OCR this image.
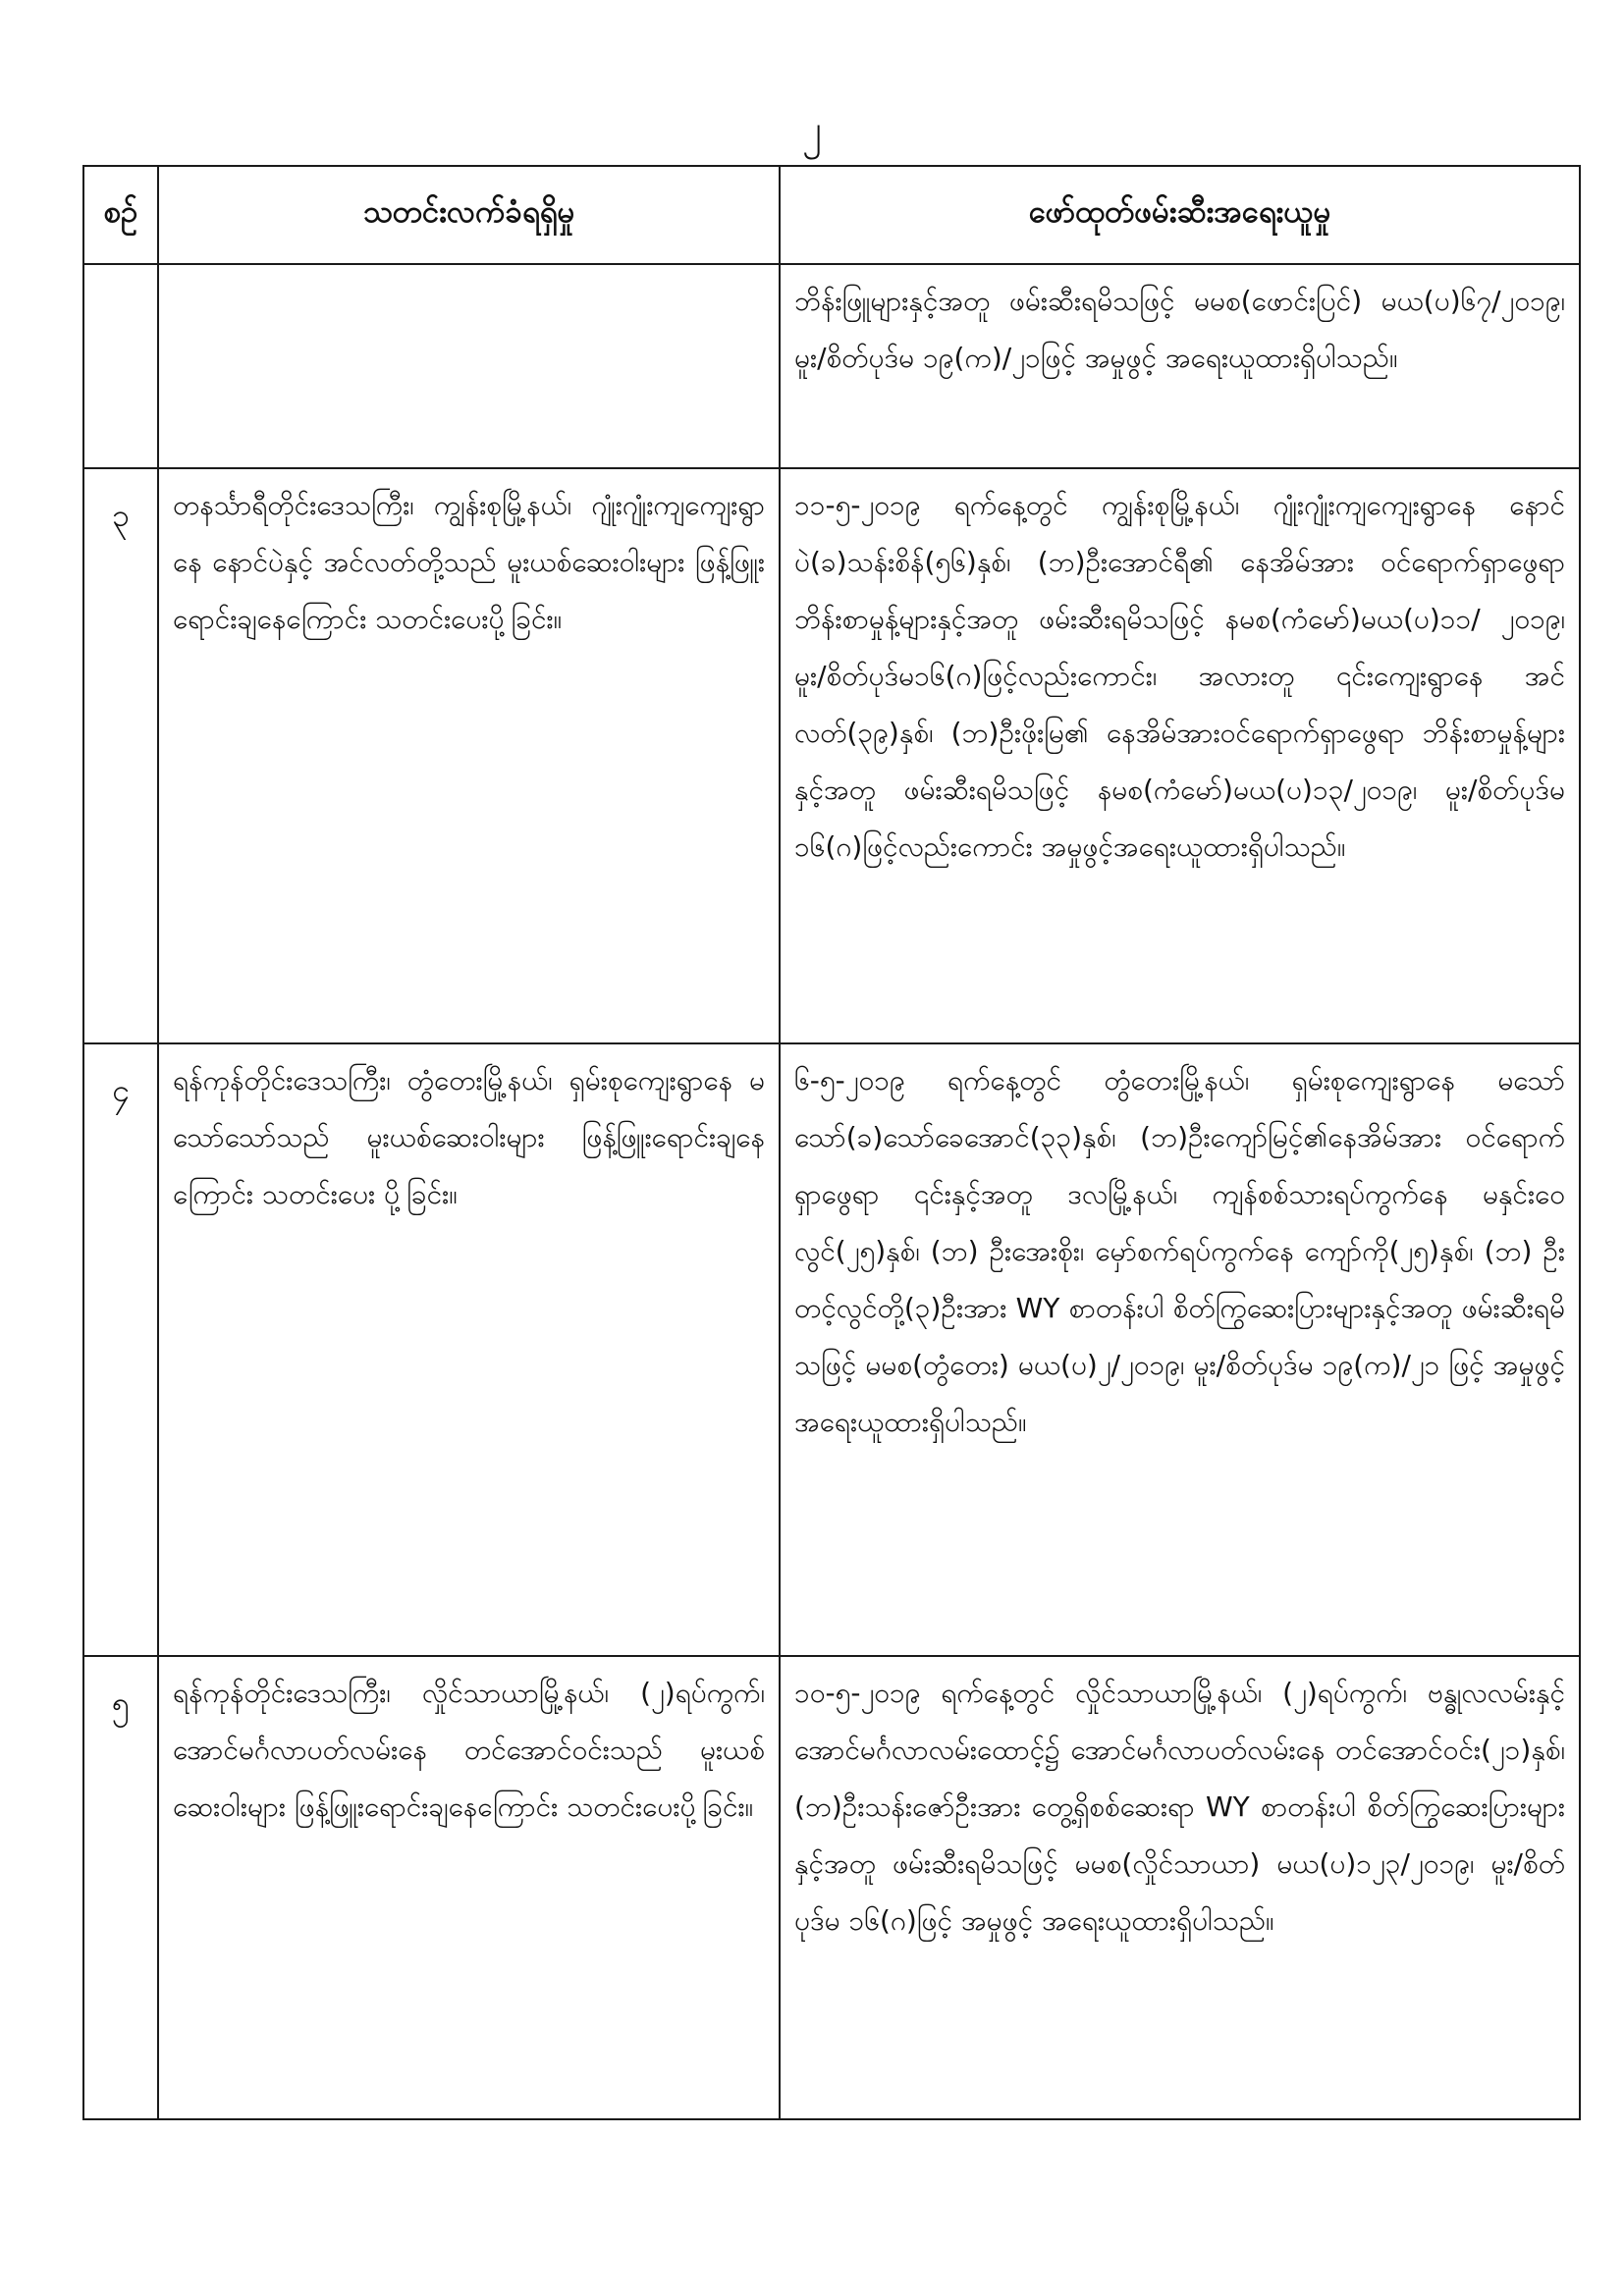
၂
စဉ်	သတင်းလက်ခံရရှိမှု	ဖော်ထုတ်ဖမ်းဆီးအရေးယူမှု
		ဘိန်းဖြူများနှင့်အတူ ဖမ်းဆီးရမိသဖြင့် မမစ(ဖောင်းပြင်) မယ(ပ)၆၇/၂၀၁၉၊ မူး/စိတ်ပုဒ်မ ၁၉(က)/၂၁ဖြင့် အမှုဖွင့် အရေးယူထားရှိပါသည်။
၃	တနင်္သာရီတိုင်းဒေသကြီး၊ ကျွန်းစုမြို့နယ်၊ ဂျုံးဂျုံးကျကျေးရွာနေ နောင်ပဲနှင့် အင်လတ်တို့သည် မူးယစ်ဆေးဝါးများ ဖြန့်ဖြူးရောင်းချနေကြောင်း သတင်းပေးပို့ခြင်း။	၁၁-၅-၂၀၁၉ ရက်နေ့တွင် ကျွန်းစုမြို့နယ်၊ ဂျုံးဂျုံးကျကျေးရွာနေ နောင်ပဲ(ခ)သန်းစိန်(၅၆)နှစ်၊ (ဘ)ဦးအောင်ရီ၏ နေအိမ်အား ဝင်ရောက်ရှာဖွေရာ ဘိန်းစာမှုန့်များနှင့်အတူ ဖမ်းဆီးရမိသဖြင့် နမစ(ကံမော်)မယ(ပ)၁၁/ ၂၀၁၉၊ မူး/စိတ်ပုဒ်မ၁၆(ဂ)ဖြင့်လည်းကောင်း၊ အလားတူ ၎င်းကျေးရွာနေ အင်လတ်(၃၉)နှစ်၊ (ဘ)ဦးဖိုးမြ၏ နေအိမ်အားဝင်ရောက်ရှာဖွေရာ ဘိန်းစာမှုန့်များနှင့်အတူ ဖမ်းဆီးရမိသဖြင့် နမစ(ကံမော်)မယ(ပ)၁၃/၂၀၁၉၊ မူး/စိတ်ပုဒ်မ ၁၆(ဂ)ဖြင့်လည်းကောင်း အမှုဖွင့်အရေးယူထားရှိပါသည်။
၄	ရန်ကုန်တိုင်းဒေသကြီး၊ တွံတေးမြို့နယ်၊ ရှမ်းစုကျေးရွာနေ မသော်သော်သည် မူးယစ်ဆေးဝါးများ ဖြန့်ဖြူးရောင်းချနေကြောင်း သတင်းပေး ပို့ခြင်း။	၆-၅-၂၀၁၉ ရက်နေ့တွင် တွံတေးမြို့နယ်၊ ရှမ်းစုကျေးရွာနေ မသော်သော်(ခ)သော်ခေအောင်(၃၃)နှစ်၊ (ဘ)ဦးကျော်မြင့်၏နေအိမ်အား ဝင်ရောက်ရှာဖွေရာ ၎င်းနှင့်အတူ ဒလမြို့နယ်၊ ကျန်စစ်သားရပ်ကွက်နေ မနှင်းဝေလွင်(၂၅)နှစ်၊ (ဘ) ဦးအေးစိုး၊ မှော်စက်ရပ်ကွက်နေ ကျော်ကို(၂၅)နှစ်၊ (ဘ) ဦးတင့်လွင်တို့(၃)ဦးအား WY စာတန်းပါ စိတ်ကြွဆေးပြားများနှင့်အတူ ဖမ်းဆီးရမိသဖြင့် မမစ(တွံတေး) မယ(ပ)၂/၂၀၁၉၊ မူး/စိတ်ပုဒ်မ ၁၉(က)/၂၁ ဖြင့် အမှုဖွင့် အရေးယူထားရှိပါသည်။
၅	ရန်ကုန်တိုင်းဒေသကြီး၊ လှိုင်သာယာမြို့နယ်၊ (၂)ရပ်ကွက်၊ အောင်မင်္ဂလာပတ်လမ်းနေ တင်အောင်ဝင်းသည် မူးယစ်ဆေးဝါးများ ဖြန့်ဖြူးရောင်းချနေကြောင်း သတင်းပေးပို့ခြင်း။	၁၀-၅-၂၀၁၉ ရက်နေ့တွင် လှိုင်သာယာမြို့နယ်၊ (၂)ရပ်ကွက်၊ ဗန္ဓုလလမ်းနှင့် အောင်မင်္ဂလာလမ်းထောင့်၌ အောင်မင်္ဂလာပတ်လမ်းနေ တင်အောင်ဝင်း(၂၁)နှစ်၊ (ဘ)ဦးသန်းဇော်ဦးအား တွေ့ရှိစစ်ဆေးရာ WY စာတန်းပါ စိတ်ကြွဆေးပြားများနှင့်အတူ ဖမ်းဆီးရမိသဖြင့် မမစ(လှိုင်သာယာ) မယ(ပ)၁၂၃/၂၀၁၉၊ မူး/စိတ်ပုဒ်မ ၁၆(ဂ)ဖြင့် အမှုဖွင့် အရေးယူထားရှိပါသည်။
